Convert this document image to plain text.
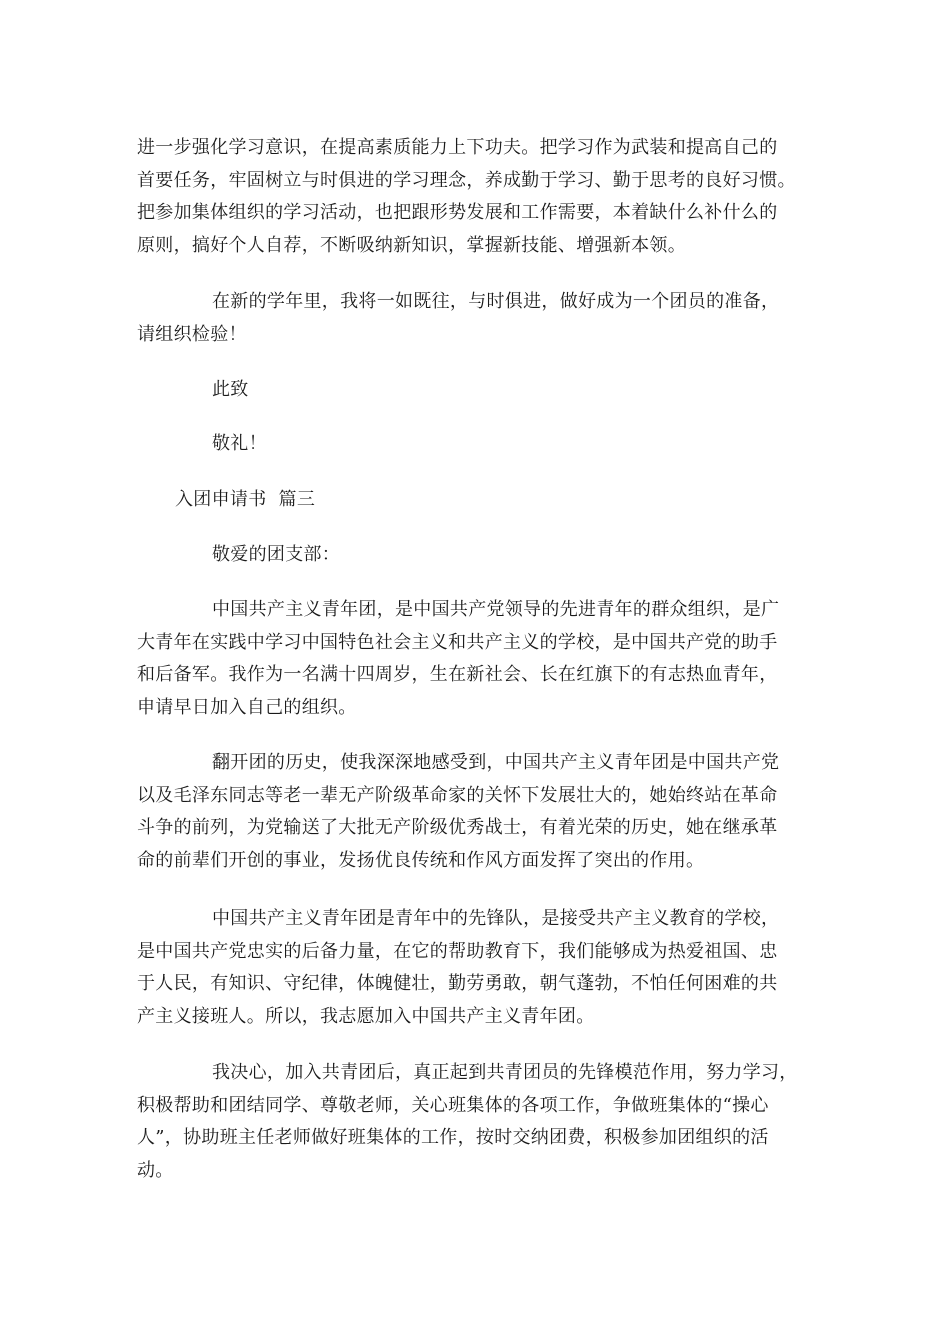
进一步强化学习意识，在提高素质能力上下功夫。把学习作为武装和提高自己的
首要任务，牢固树立与时俱进的学习理念，养成勤于学习、勤于思考的良好习惯。
把参加集体组织的学习活动，也把跟形势发展和工作需要，本着缺什么补什么的
原则，搞好个人自荐，不断吸纳新知识，掌握新技能、增强新本领。

在新的学年里，我将一如既往，与时俱进，做好成为一个团员的准备，
请组织检验！

此致

敬礼！

入团申请书  篇三

敬爱的团支部：

中国共产主义青年团，是中国共产党领导的先进青年的群众组织，是广
大青年在实践中学习中国特色社会主义和共产主义的学校，是中国共产党的助手
和后备军。我作为一名满十四周岁，生在新社会、长在红旗下的有志热血青年，
申请早日加入自己的组织。

翻开团的历史，使我深深地感受到，中国共产主义青年团是中国共产党
以及毛泽东同志等老一辈无产阶级革命家的关怀下发展壮大的，她始终站在革命
斗争的前列，为党输送了大批无产阶级优秀战士，有着光荣的历史，她在继承革
命的前辈们开创的事业，发扬优良传统和作风方面发挥了突出的作用。

中国共产主义青年团是青年中的先锋队，是接受共产主义教育的学校，
是中国共产党忠实的后备力量，在它的帮助教育下，我们能够成为热爱祖国、忠
于人民，有知识、守纪律，体魄健壮，勤劳勇敢，朝气蓬勃，不怕任何困难的共
产主义接班人。所以，我志愿加入中国共产主义青年团。

我决心，加入共青团后，真正起到共青团员的先锋模范作用，努力学习，
积极帮助和团结同学、尊敬老师，关心班集体的各项工作，争做班集体的“操心
人”，协助班主任老师做好班集体的工作，按时交纳团费，积极参加团组织的活
动。
